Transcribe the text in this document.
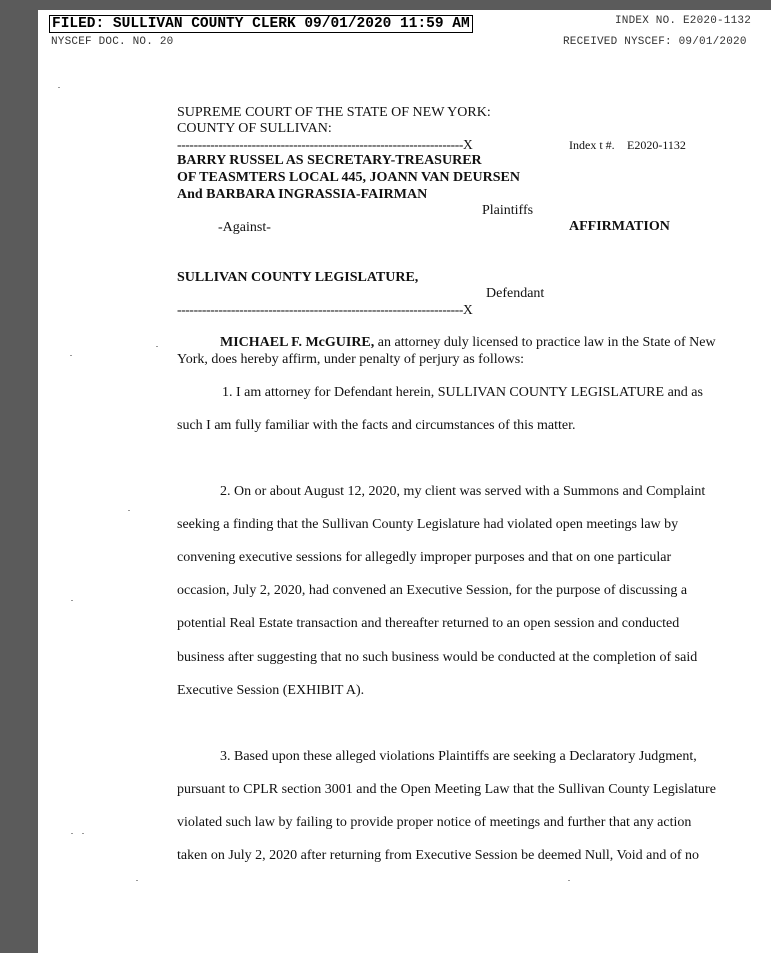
FILED: SULLIVAN COUNTY CLERK 09/01/2020 11:59 AM
NYSCEF DOC. NO. 20
INDEX NO. E2020-1132
RECEIVED NYSCEF: 09/01/2020
SUPREME COURT OF THE STATE OF NEW YORK:
COUNTY OF SULLIVAN:
---------------------------------------------------------------------X	Index t #. E2020-1132
BARRY RUSSEL AS SECRETARY-TREASURER
OF TEASMTERS LOCAL 445, JOANN VAN DEURSEN
And BARBARA INGRASSIA-FAIRMAN
Plaintiffs
-Against-	AFFIRMATION
SULLIVAN COUNTY LEGISLATURE,
Defendant
---------------------------------------------------------------------X
MICHAEL F. McGUIRE, an attorney duly licensed to practice law in the State of New
York, does hereby affirm, under penalty of perjury as follows:
1. I am attorney for Defendant herein, SULLIVAN COUNTY LEGISLATURE and as
such I am fully familiar with the facts and circumstances of this matter.
2. On or about August 12, 2020, my client was served with a Summons and Complaint
seeking a finding that the Sullivan County Legislature had violated open meetings law by
convening executive sessions for allegedly improper purposes and that on one particular
occasion, July 2, 2020, had convened an Executive Session, for the purpose of discussing a
potential Real Estate transaction and thereafter returned to an open session and conducted
business after suggesting that no such business would be conducted at the completion of said
Executive Session (EXHIBIT A).
3. Based upon these alleged violations Plaintiffs are seeking a Declaratory Judgment,
pursuant to CPLR section 3001 and the Open Meeting Law that the Sullivan County Legislature
violated such law by failing to provide proper notice of meetings and further that any action
taken on July 2, 2020 after returning from Executive Session be deemed Null, Void and of no
